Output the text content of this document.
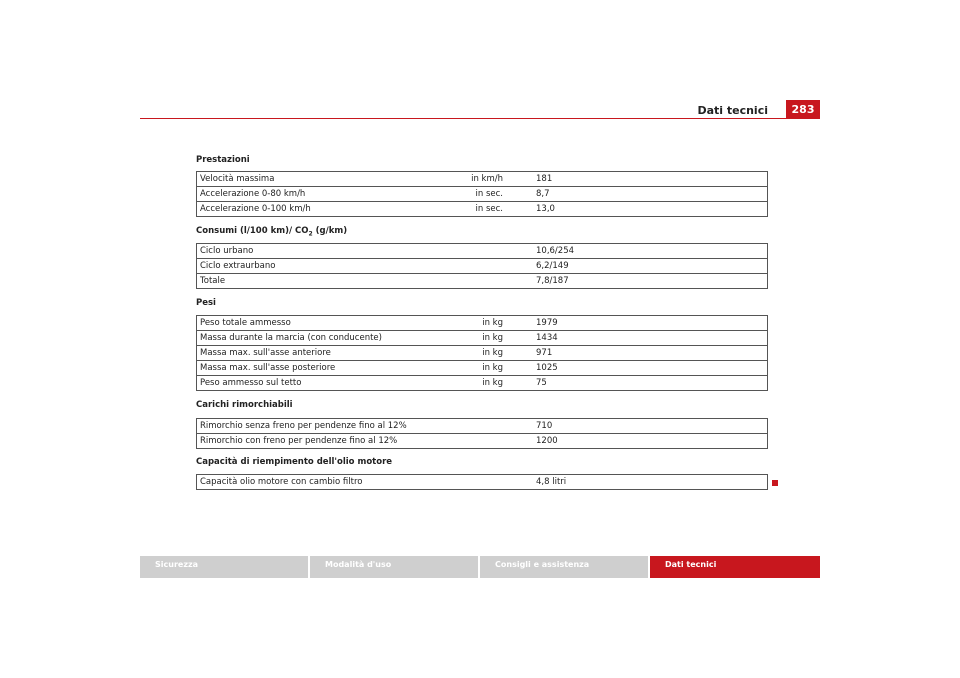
Dati tecnici	283
Prestazioni
Velocità massima	in km/h	181
Accelerazione 0-80 km/h	in sec.	8,7
Accelerazione 0-100 km/h	in sec.	13,0
Consumi (l/100 km)/ $CO_2$ (g/km)
Ciclo urbano		10,6/254
Ciclo extraurbano		6,2/149
Totale		7,8/187
Pesi
Peso totale ammesso	in kg	1979
Massa durante la marcia (con conducente)	in kg	1434
Massa max. sull'asse anteriore	in kg	971
Massa max. sull'asse posteriore	in kg	1025
Peso ammesso sul tetto	in kg	75
Carichi rimorchiabili
Rimorchio senza freno per pendenze fino al 12%		710
Rimorchio con freno per pendenze fino al 12%		1200
Capacità di riempimento dell'olio motore
Capacità olio motore con cambio filtro		4,8 litri
Sicurezza	Modalità d'uso	Consigli e assistenza	Dati tecnici
